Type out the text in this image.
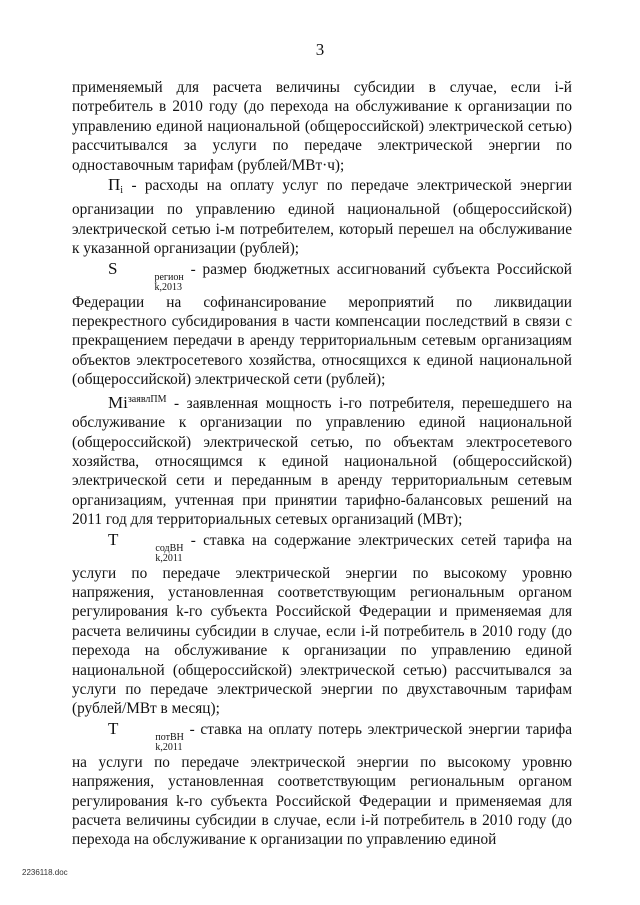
3

применяемый для расчета величины субсидии в случае, если i-й потребитель в 2010 году (до перехода на обслуживание к организации по управлению единой национальной (общероссийской) электрической сетью) рассчитывался за услуги по передаче электрической энергии по одноставочным тарифам (рублей/МВт·ч);

Пi - расходы на оплату услуг по передаче электрической энергии организации по управлению единой национальной (общероссийской) электрической сетью i-м потребителем, который перешел на обслуживание к указанной организации (рублей);

S	регион
k,2013
- размер бюджетных ассигнований субъекта Российской Федерации на софинансирование мероприятий по ликвидации перекрестного субсидирования в части компенсации последствий в связи с прекращением передачи в аренду территориальным сетевым организациям объектов электросетевого хозяйства, относящихся к единой национальной (общероссийской) электрической сети (рублей);

$Mi^{заявлПМ}$ - заявленная мощность i-го потребителя, перешедшего на обслуживание к организации по управлению единой национальной (общероссийской) электрической сетью, по объектам электросетевого хозяйства, относящимся к единой национальной (общероссийской) электрической сети и переданным в аренду территориальным сетевым организациям, учтенная при принятии тарифно-балансовых решений на 2011 год для территориальных сетевых организаций (МВт);

T	содВН
k,2011
- ставка на содержание электрических сетей тарифа на услуги по передаче электрической энергии по высокому уровню напряжения, установленная соответствующим региональным органом регулирования k-го субъекта Российской Федерации и применяемая для расчета величины субсидии в случае, если i-й потребитель в 2010 году (до перехода на обслуживание к организации по управлению единой национальной (общероссийской) электрической сетью) рассчитывался за услуги по передаче электрической энергии по двухставочным тарифам (рублей/МВт в месяц);

T	потВН
k,2011
- ставка на оплату потерь электрической энергии тарифа на услуги по передаче электрической энергии по высокому уровню напряжения, установленная соответствующим региональным органом регулирования k-го субъекта Российской Федерации и применяемая для расчета величины субсидии в случае, если i-й потребитель в 2010 году (до перехода на обслуживание к организации по управлению единой

2236118.doc
